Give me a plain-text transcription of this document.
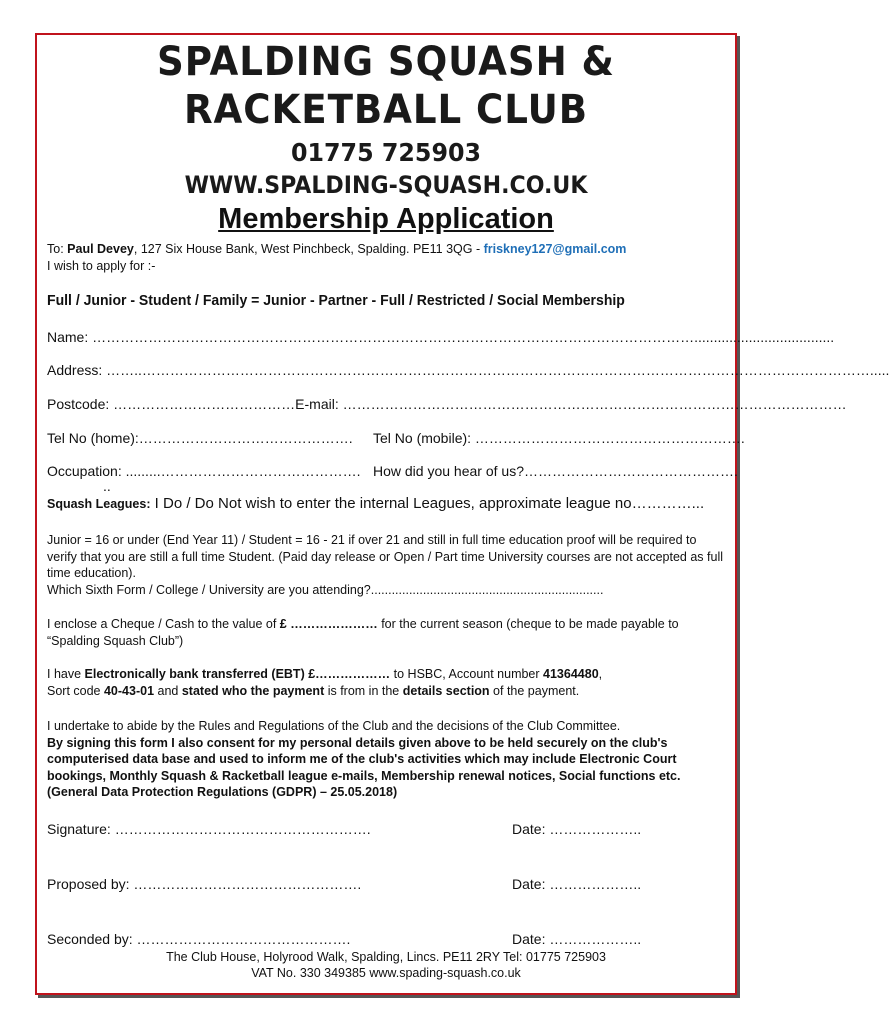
SPALDING SQUASH &
RACKETBALL CLUB
01775 725903
WWW.SPALDING-SQUASH.CO.UK
Membership Application
To: Paul Devey, 127 Six House Bank, West Pinchbeck, Spalding. PE11 3QG - friskney127@gmail.com
I wish to apply for :-
Full / Junior - Student / Family = Junior - Partner - Full / Restricted / Social Membership
Name: …………………………………………………………………………………………………………………....................................
Address: ……..………………………………………………………………………………………………………………………………………….....
Postcode: …………………………………E-mail: ………………………………………………………………………………………………
Tel No (home):………………………………………. Tel No (mobile): ………………………………………………….
Occupation: .........……………………………………. How did you hear of us?……………………………………….
..
Squash Leagues: I Do / Do Not wish to enter the internal Leagues, approximate league no…………...
Junior = 16 or under (End Year 11) / Student = 16 - 21 if over 21 and still in full time education proof will be required to verify that you are still a full time Student. (Paid day release or Open / Part time University courses are not accepted as full time education).
Which Sixth Form / College / University are you attending?...................................................................
I enclose a Cheque / Cash to the value of £ ………………… for the current season (cheque to be made payable to “Spalding Squash Club”)
I have Electronically bank transferred (EBT) £……………… to HSBC, Account number 41364480,
Sort code 40-43-01 and stated who the payment is from in the details section of the payment.
I undertake to abide by the Rules and Regulations of the Club and the decisions of the Club Committee.
By signing this form I also consent for my personal details given above to be held securely on the club's computerised data base and used to inform me of the club's activities which may include Electronic Court bookings, Monthly Squash & Racketball league e-mails, Membership renewal notices, Social functions etc. (General Data Protection Regulations (GDPR) – 25.05.2018)
Signature: ……………………………………………….	Date: ………………..
Proposed by: ………………………………………….	Date: ………………..
Seconded by: ……………………………………….	Date: ………………..
The Club House, Holyrood Walk, Spalding, Lincs. PE11 2RY Tel: 01775 725903
VAT No. 330 349385 www.spading-squash.co.uk
